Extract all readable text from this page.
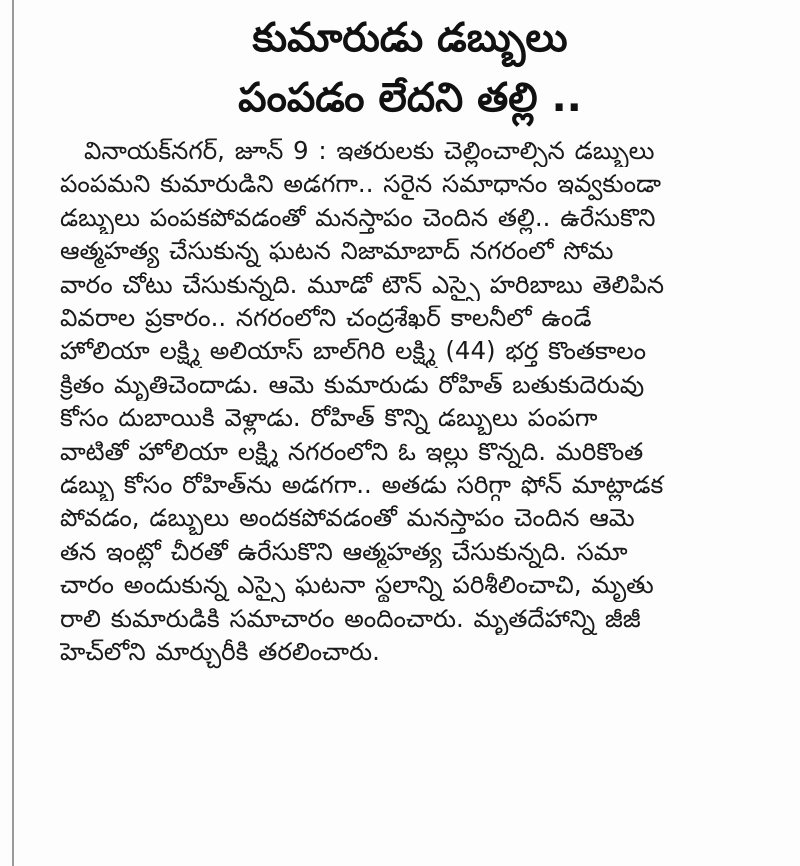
కుమారుడు డబ్బులు
పంపడం లేదని తల్లి ..
వినాయక్‌నగర్‌, జూన్‌ 9 : ఇతరులకు చెల్లించాల్సిన డబ్బులు
పంపమని కుమారుడిని అడగగా.. సరైన సమాధానం ఇవ్వకుండా
డబ్బులు పంపకపోవడంతో మనస్తాపం చెందిన తల్లి.. ఉరేసుకొని
ఆత్మహత్య చేసుకున్న ఘటన నిజామాబాద్‌ నగరంలో సోమ
వారం చోటు చేసుకున్నది. మూడో టౌన్‌ ఎస్సై హరిబాబు తెలిపిన
వివరాల ప్రకారం.. నగరంలోని చంద్రశేఖర్‌ కాలనీలో ఉండే
హోలియా లక్ష్మి అలియాస్‌ బాల్‌గిరి లక్ష్మి (44) భర్త కొంతకాలం
క్రితం మృతిచెందాడు. ఆమె కుమారుడు రోహిత్‌ బతుకుదెరువు
కోసం దుబాయికి వెళ్లాడు. రోహిత్‌ కొన్ని డబ్బులు పంపగా
వాటితో హోలియా లక్ష్మి నగరంలోని ఓ ఇల్లు కొన్నది. మరికొంత
డబ్బు కోసం రోహిత్‌ను అడగగా.. అతడు సరిగ్గా ఫోన్‌ మాట్లాడక
పోవడం, డబ్బులు అందకపోవడంతో మనస్తాపం చెందిన ఆమె
తన ఇంట్లో చీరతో ఉరేసుకొని ఆత్మహత్య చేసుకున్నది. సమా
చారం అందుకున్న ఎస్సై ఘటనా స్థలాన్ని పరిశీలించాచి, మృతు
రాలి కుమారుడికి సమాచారం అందించారు. మృతదేహాన్ని జీజీ
హెచ్‌లోని మార్చురీకి తరలించారు.
